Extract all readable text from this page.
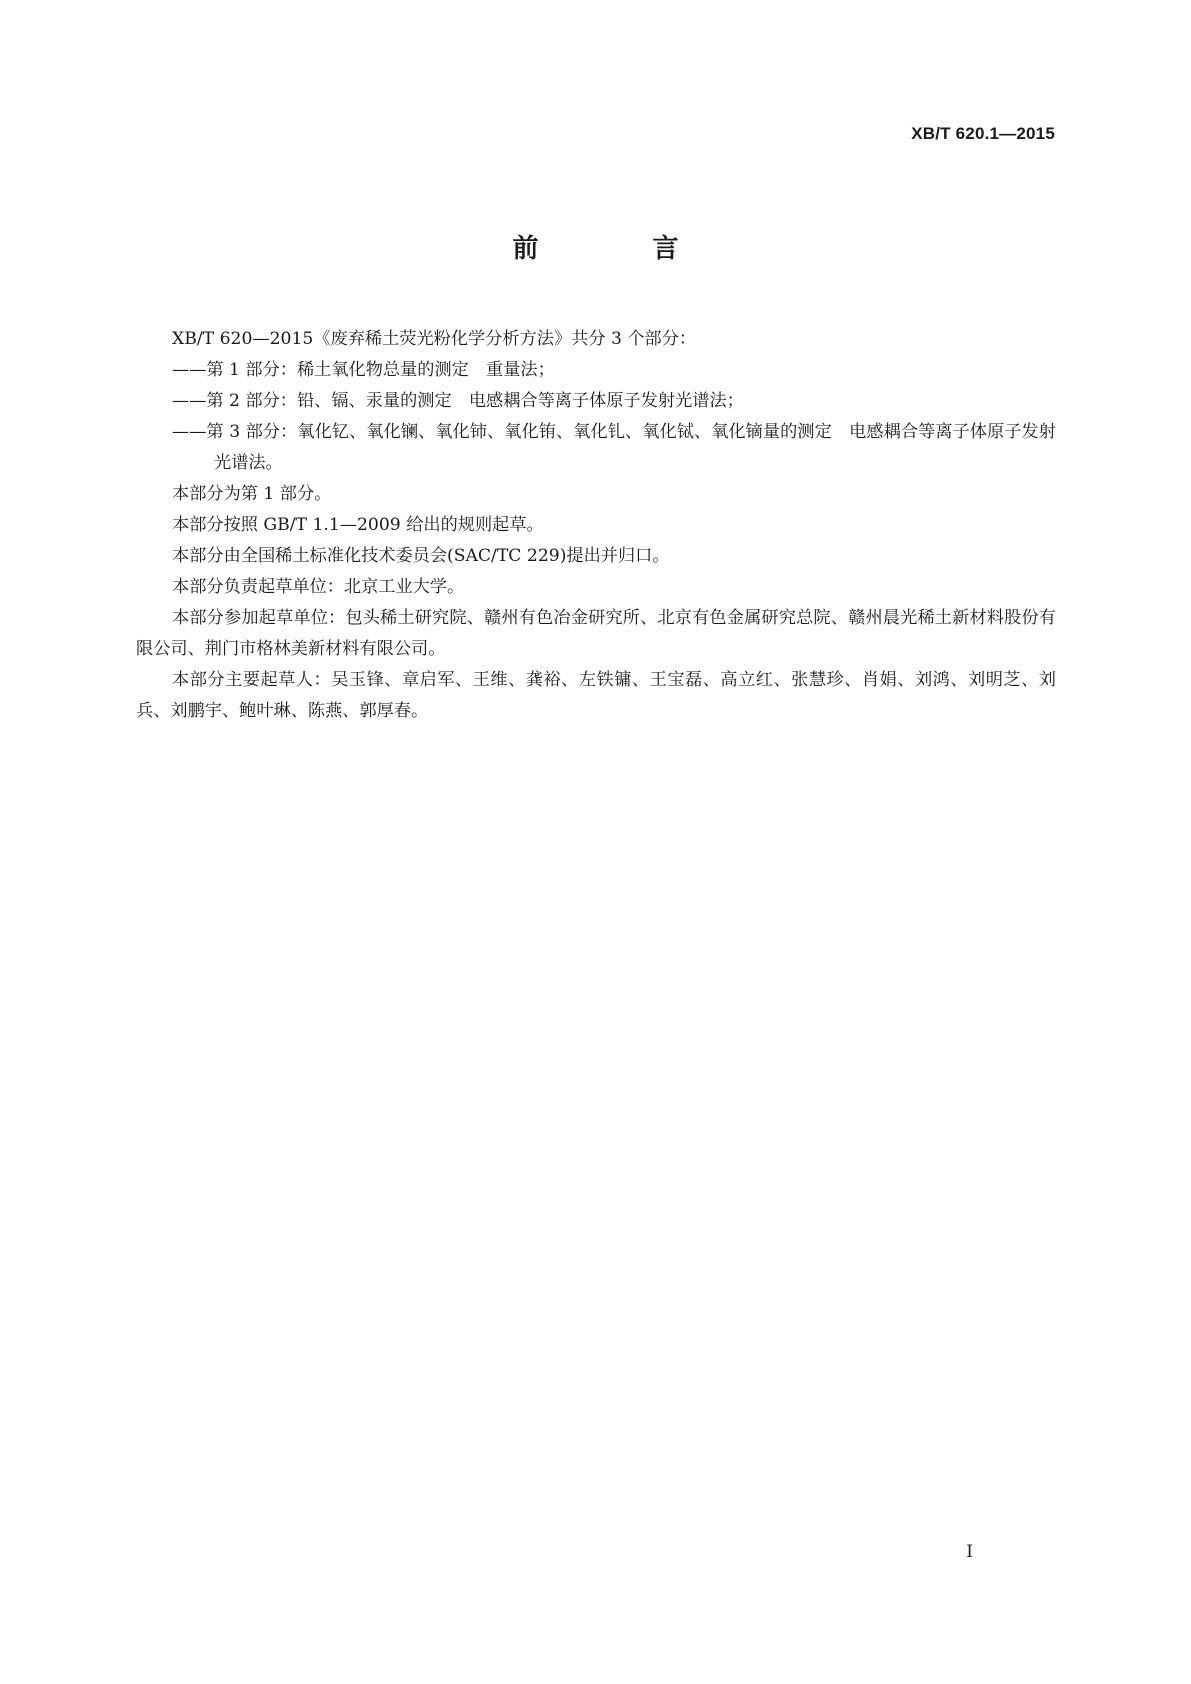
XB/T 620.1—2015
前　言

XB/T 620—2015《废弃稀土荧光粉化学分析方法》共分 3 个部分：

——第 1 部分：稀土氧化物总量的测定　重量法；

——第 2 部分：铅、镉、汞量的测定　电感耦合等离子体原子发射光谱法；

——第 3 部分：氧化钇、氧化镧、氧化铈、氧化铕、氧化钆、氧化铽、氧化镝量的测定　电感耦合等离子体原子发射光谱法。

本部分为第 1 部分。

本部分按照 GB/T 1.1—2009 给出的规则起草。

本部分由全国稀土标准化技术委员会(SAC/TC 229)提出并归口。

本部分负责起草单位：北京工业大学。

本部分参加起草单位：包头稀土研究院、赣州有色冶金研究所、北京有色金属研究总院、赣州晨光稀土新材料股份有限公司、荆门市格林美新材料有限公司。

本部分主要起草人：吴玉锋、章启军、王维、龚裕、左铁镛、王宝磊、高立红、张慧珍、肖娟、刘鸿、刘明芝、刘兵、刘鹏宇、鲍叶琳、陈燕、郭厚春。

I
